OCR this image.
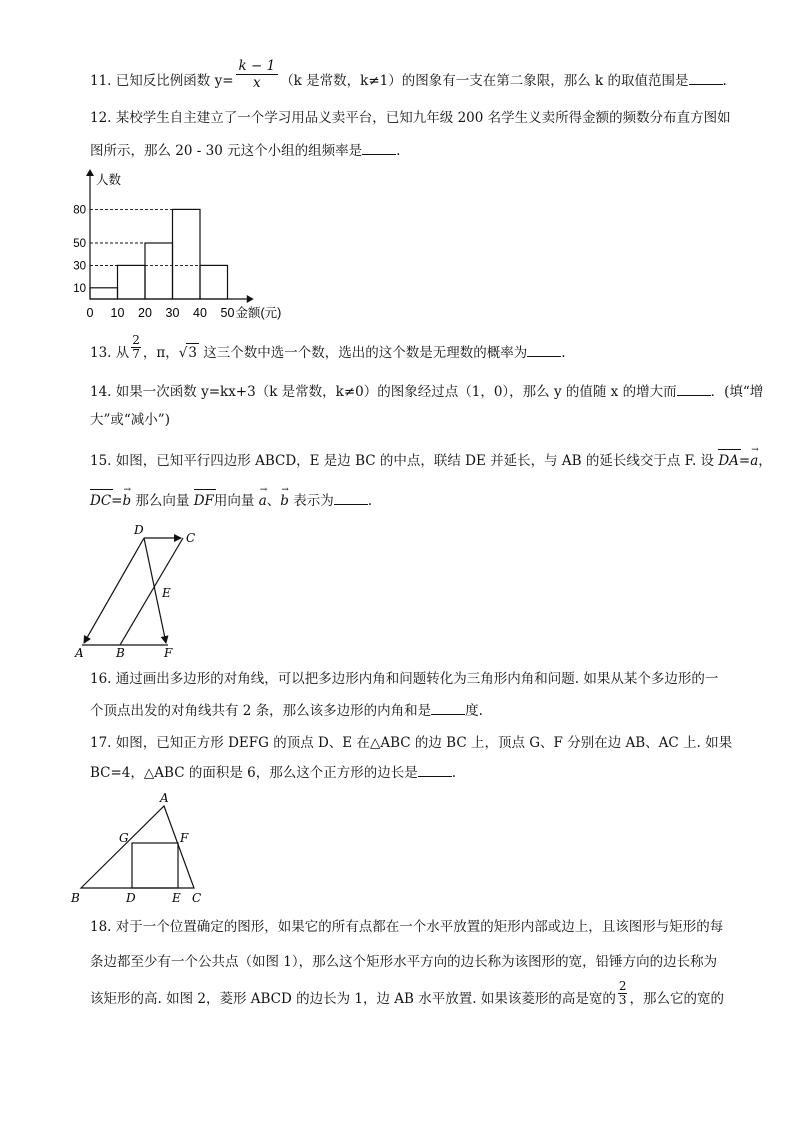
11. 已知反比例函数 $y= \frac{k - 1}{x} (k$ 是常数，k≠1）的图象有一支在第二象限，那么 k 的取值范围是	.
12. 某校学生自主建立了一个学习用品义卖平台，已知九年级 200 名学生义卖所得金额的频数分布直方图如
图所示，那么 20 - 30 元这个小组的组频率是	.
10
30
50
80
0 10 20 30 40 50
人数
金额(元)
13. 从 $\frac{2}{7}$ ，π，√3 这三个数中选一个数，选出的这个数是无理数的概率为	.
14. 如果一次函数 y=kx+3（k 是常数，k≠0）的图象经过点（1，0），那么 y 的值随 x 的增大而	．(填“增
大”或“减小”)
15. 如图，已知平行四边形 ABCD，E 是边 BC 的中点，联结 DE 并延长，与 AB 的延长线交于点 F. 设 DA=a →，
DC=b → 那么向量 DF用向量 a →、b → 表示为	.
D
C
E
A	B	F
16. 通过画出多边形的对角线，可以把多边形内角和问题转化为三角形内角和问题. 如果从某个多边形的一
个顶点出发的对角线共有 2 条，那么该多边形的内角和是	度.
17. 如图，已知正方形 DEFG 的顶点 D、E 在△ABC 的边 BC 上，顶点 G、F 分别在边 AB、AC 上. 如果
BC=4，△ABC 的面积是 6，那么这个正方形的边长是	.
A
G	F
B	D	E C
18. 对于一个位置确定的图形，如果它的所有点都在一个水平放置的矩形内部或边上，且该图形与矩形的每
条边都至少有一个公共点（如图 1），那么这个矩形水平方向的边长称为该图形的宽，铅锤方向的边长称为
该矩形的高. 如图 2，菱形 ABCD 的边长为 1，边 AB 水平放置. 如果该菱形的高是宽的 $\frac{2}{3}$ ，那么它的宽的
